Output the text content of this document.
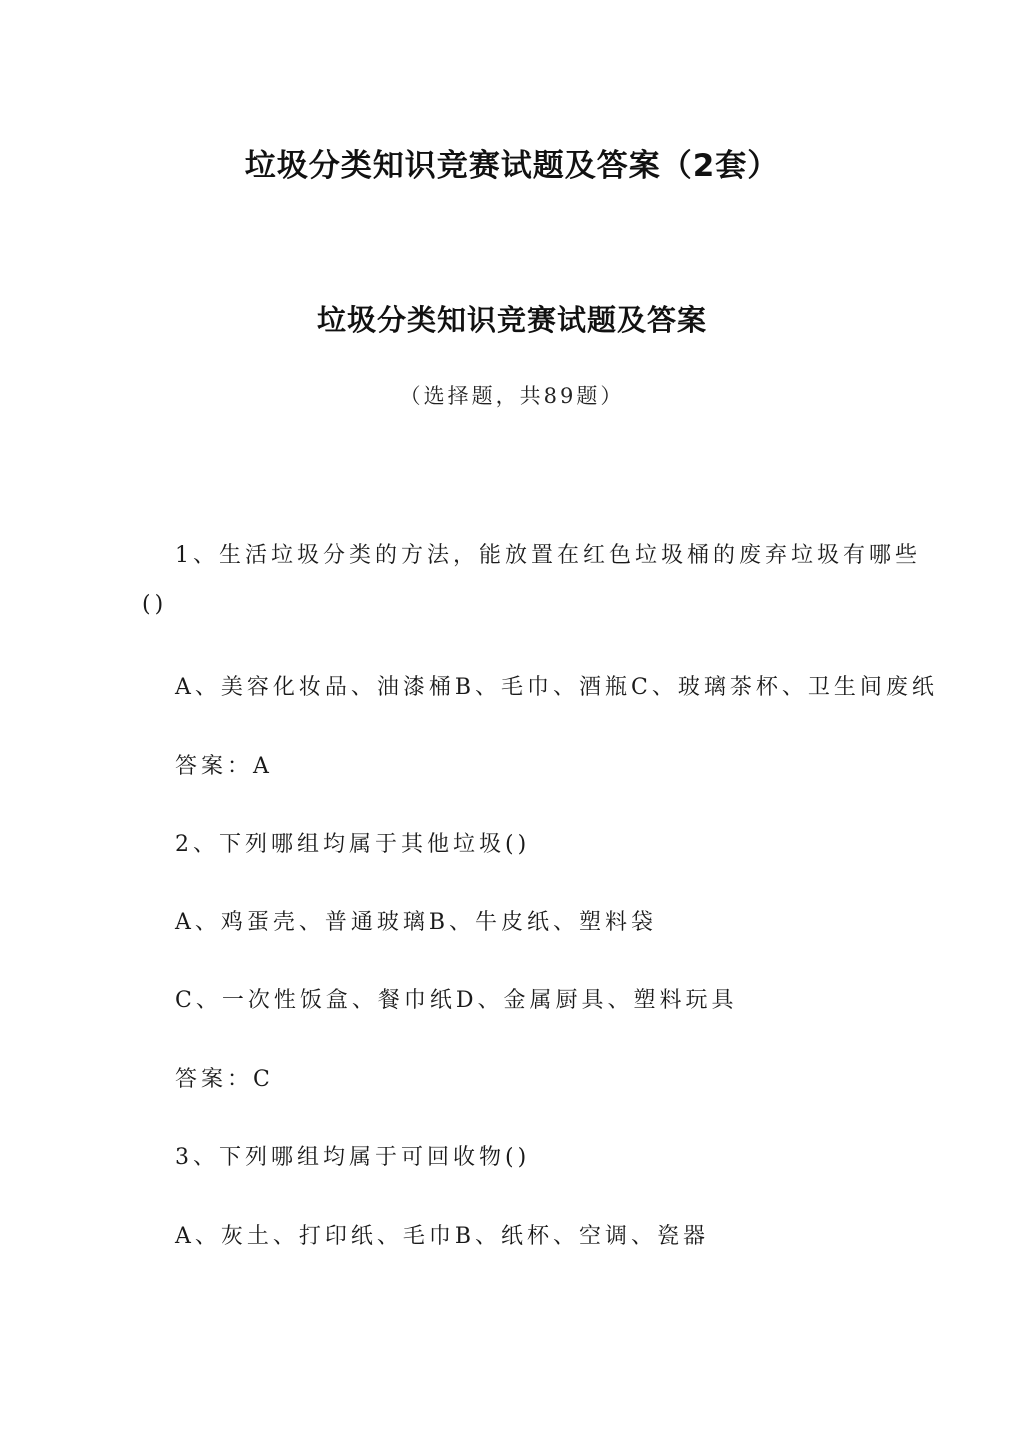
垃圾分类知识竞赛试题及答案（2套）
垃圾分类知识竞赛试题及答案
（选择题，共89题）
1、生活垃圾分类的方法，能放置在红色垃圾桶的废弃垃圾有哪些
()
A、美容化妆品、油漆桶B、毛巾、酒瓶C、玻璃茶杯、卫生间废纸
答案：A
2、下列哪组均属于其他垃圾()
A、鸡蛋壳、普通玻璃B、牛皮纸、塑料袋
C、一次性饭盒、餐巾纸D、金属厨具、塑料玩具
答案：C
3、下列哪组均属于可回收物()
A、灰土、打印纸、毛巾B、纸杯、空调、瓷器
